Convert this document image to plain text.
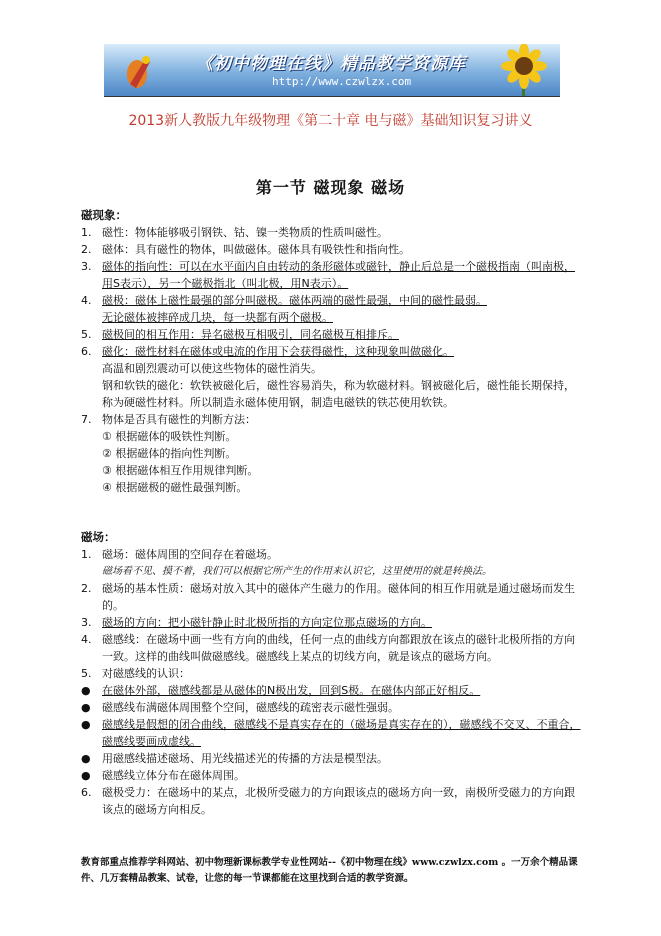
《初中物理在线》精品教学资源库
http://www.czwlzx.com
2013新人教版九年级物理《第二十章 电与磁》基础知识复习讲义
第一节 磁现象 磁场
磁现象：
1. 磁性：物体能够吸引钢铁、钴、镍一类物质的性质叫磁性。
2. 磁体：具有磁性的物体，叫做磁体。磁体具有吸铁性和指向性。
3. 磁体的指向性：可以在水平面内自由转动的条形磁体或磁针，静止后总是一个磁极指南（叫南极，用S表示），另一个磁极指北（叫北极，用N表示）。
4. 磁极：磁体上磁性最强的部分叫磁极。磁体两端的磁性最强，中间的磁性最弱。
无论磁体被摔碎成几块，每一块都有两个磁极。
5. 磁极间的相互作用：异名磁极互相吸引，同名磁极互相排斥。
6. 磁化：磁性材料在磁体或电流的作用下会获得磁性，这种现象叫做磁化。
高温和剧烈震动可以使这些物体的磁性消失。
钢和软铁的磁化：软铁被磁化后，磁性容易消失，称为软磁材料。钢被磁化后，磁性能长期保持，称为硬磁性材料。所以制造永磁体使用钢，制造电磁铁的铁芯使用软铁。
7. 物体是否具有磁性的判断方法：
① 根据磁体的吸铁性判断。
② 根据磁体的指向性判断。
③ 根据磁体相互作用规律判断。
④ 根据磁极的磁性最强判断。
磁场：
1. 磁场：磁体周围的空间存在着磁场。
磁场看不见、摸不着，我们可以根据它所产生的作用来认识它，这里使用的就是转换法。
2. 磁场的基本性质：磁场对放入其中的磁体产生磁力的作用。磁体间的相互作用就是通过磁场而发生的。
3. 磁场的方向：把小磁针静止时北极所指的方向定位那点磁场的方向。
4. 磁感线：在磁场中画一些有方向的曲线，任何一点的曲线方向都跟放在该点的磁针北极所指的方向一致。这样的曲线叫做磁感线。磁感线上某点的切线方向，就是该点的磁场方向。
5. 对磁感线的认识：
● 在磁体外部，磁感线都是从磁体的N极出发，回到S极。在磁体内部正好相反。
● 磁感线布满磁体周围整个空间，磁感线的疏密表示磁性强弱。
● 磁感线是假想的闭合曲线，磁感线不是真实存在的（磁场是真实存在的），磁感线不交叉、不重合，磁感线要画成虚线。
● 用磁感线描述磁场、用光线描述光的传播的方法是模型法。
● 磁感线立体分布在磁体周围。
6. 磁极受力：在磁场中的某点，北极所受磁力的方向跟该点的磁场方向一致，南极所受磁力的方向跟该点的磁场方向相反。
教育部重点推荐学科网站、初中物理新课标教学专业性网站--《初中物理在线》www.czwlzx.com 。一万余个精品课件、几万套精品教案、试卷，让您的每一节课都能在这里找到合适的教学资源。
